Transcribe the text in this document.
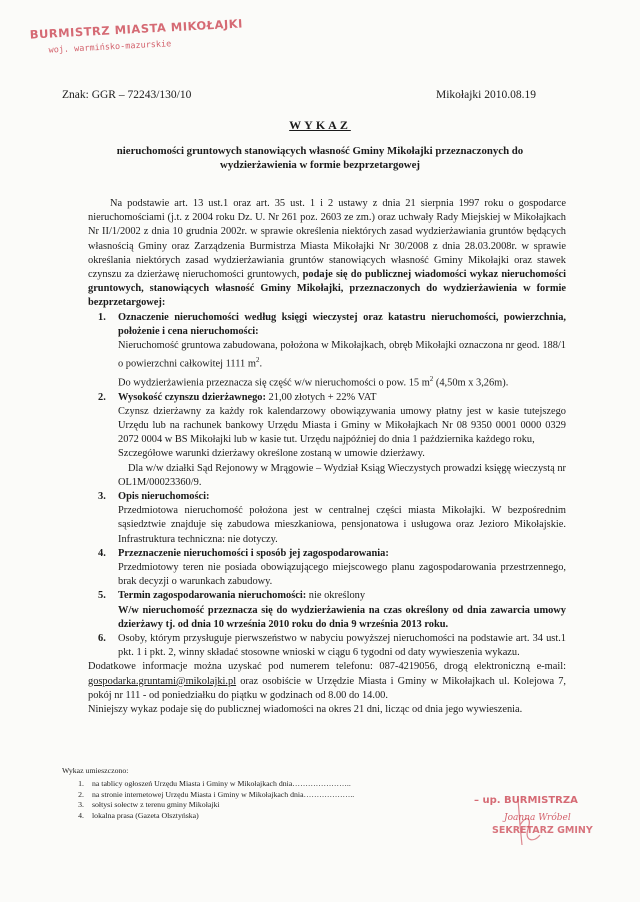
BURMISTRZ MIASTA MIKOŁAJKI
woj. warmińsko-mazurskie
Znak: GGR – 72243/130/10	Mikołajki 2010.08.19
WYKAZ
nieruchomości gruntowych stanowiących własność Gminy Mikołajki przeznaczonych do wydzierżawienia w formie bezprzetargowej

Na podstawie art. 13 ust.1 oraz art. 35 ust. 1 i 2 ustawy z dnia 21 sierpnia 1997 roku o gospodarce nieruchomościami (j.t. z 2004 roku Dz. U. Nr 261 poz. 2603 ze zm.) oraz uchwały Rady Miejskiej w Mikołajkach Nr II/1/2002 z dnia 10 grudnia 2002r. w sprawie określenia niektórych zasad wydzierżawiania gruntów będących własnością Gminy oraz Zarządzenia Burmistrza Miasta Mikołajki Nr 30/2008 z dnia 28.03.2008r. w sprawie określania niektórych zasad wydzierżawiania gruntów stanowiących własność Gminy Mikołajki oraz stawek czynszu za dzierżawę nieruchomości gruntowych, podaje się do publicznej wiadomości wykaz nieruchomości gruntowych, stanowiących własność Gminy Mikołajki, przeznaczonych do wydzierżawienia w formie bezprzetargowej:

1. Oznaczenie nieruchomości według księgi wieczystej oraz katastru nieruchomości, powierzchnia, położenie i cena nieruchomości:
Nieruchomość gruntowa zabudowana, położona w Mikołajkach, obręb Mikołajki oznaczona nr geod. 188/1 o powierzchni całkowitej 1111 $m^2$.
Do wydzierżawienia przeznacza się część w/w nieruchomości o pow. 15 $m^2$ (4,50m x 3,26m).
2. Wysokość czynszu dzierżawnego: 21,00 złotych + 22% VAT
Czynsz dzierżawny za każdy rok kalendarzowy obowiązywania umowy płatny jest w kasie tutejszego Urzędu lub na rachunek bankowy Urzędu Miasta i Gminy w Mikołajkach Nr 08 9350 0001 0000 0329 2072 0004 w BS Mikołajki lub w kasie tut. Urzędu najpóźniej do dnia 1 października każdego roku,
Szczegółowe warunki dzierżawy określone zostaną w umowie dzierżawy.
Dla w/w działki Sąd Rejonowy w Mrągowie – Wydział Ksiąg Wieczystych prowadzi księgę wieczystą nr OL1M/00023360/9.
3. Opis nieruchomości:
Przedmiotowa nieruchomość położona jest w centralnej części miasta Mikołajki. W bezpośrednim sąsiedztwie znajduje się zabudowa mieszkaniowa, pensjonatowa i usługowa oraz Jezioro Mikołajskie. Infrastruktura techniczna: nie dotyczy.
4. Przeznaczenie nieruchomości i sposób jej zagospodarowania:
Przedmiotowy teren nie posiada obowiązującego miejscowego planu zagospodarowania przestrzennego, brak decyzji o warunkach zabudowy.
5. Termin zagospodarowania nieruchomości: nie określony
W/w nieruchomość przeznacza się do wydzierżawienia na czas określony od dnia zawarcia umowy dzierżawy tj. od dnia 10 września 2010 roku do dnia 9 września 2013 roku.
6. Osoby, którym przysługuje pierwszeństwo w nabyciu powyższej nieruchomości na podstawie art. 34 ust.1 pkt. 1 i pkt. 2, winny składać stosowne wnioski w ciągu 6 tygodni od daty wywieszenia wykazu.

Dodatkowe informacje można uzyskać pod numerem telefonu: 087-4219056, drogą elektroniczną e-mail: gospodarka.gruntami@mikolajki.pl oraz osobiście w Urzędzie Miasta i Gminy w Mikołajkach ul. Kolejowa 7, pokój nr 111 - od poniedziałku do piątku w godzinach od 8.00 do 14.00.

Niniejszy wykaz podaje się do publicznej wiadomości na okres 21 dni, licząc od dnia jego wywieszenia.

Wykaz umieszczono:
1. na tablicy ogłoszeń Urzędu Miasta i Gminy w Mikołajkach dnia…………………..
2. na stronie internetowej Urzędu Miasta i Gminy w Mikołajkach dnia………………..
3. sołtysi sołectw z terenu gminy Mikołajki
4. lokalna prasa (Gazeta Olsztyńska)
– up. BURMISTRZA
Joanna Wróbel
SEKRETARZ GMINY
